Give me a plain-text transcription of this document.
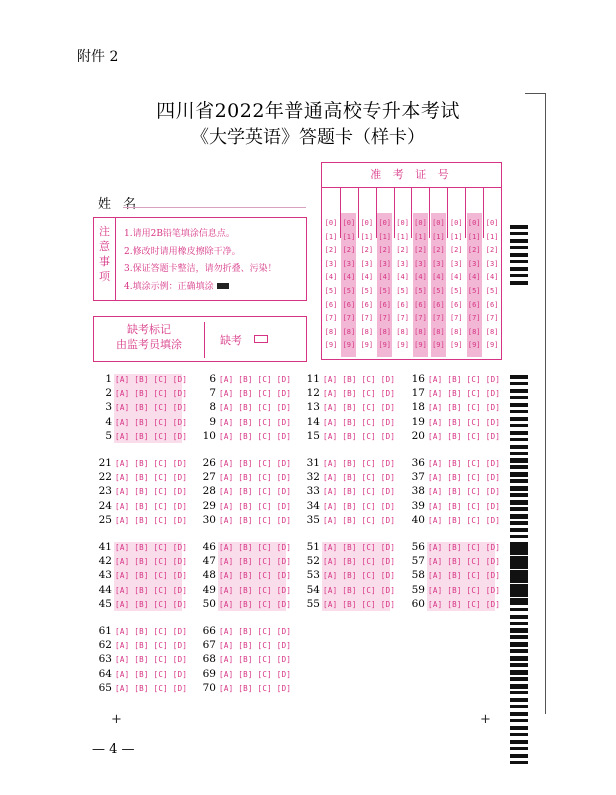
附件 2
四川省2022年普通高校专升本考试
《大学英语》答题卡（样卡）
姓 名
注意事项
1.请用2B铅笔填涂信息点。
2.修改时请用橡皮擦除干净。
3.保证答题卡整洁，请勿折叠、污染！
4.填涂示例：正确填涂
缺考标记
由监考员填涂	缺考
准 考 证 号
[0]
[1]
[2]
[3]
[4]
[5]
[6]
[7]
[8]
[9]
[0]
[1]
[2]
[3]
[4]
[5]
[6]
[7]
[8]
[9]
[0]
[1]
[2]
[3]
[4]
[5]
[6]
[7]
[8]
[9]
[0]
[1]
[2]
[3]
[4]
[5]
[6]
[7]
[8]
[9]
[0]
[1]
[2]
[3]
[4]
[5]
[6]
[7]
[8]
[9]
[0]
[1]
[2]
[3]
[4]
[5]
[6]
[7]
[8]
[9]
[0]
[1]
[2]
[3]
[4]
[5]
[6]
[7]
[8]
[9]
[0]
[1]
[2]
[3]
[4]
[5]
[6]
[7]
[8]
[9]
[0]
[1]
[2]
[3]
[4]
[5]
[6]
[7]
[8]
[9]
[0]
[1]
[2]
[3]
[4]
[5]
[6]
[7]
[8]
[9]
1 [A] [B] [C] [D]
2 [A] [B] [C] [D]
3 [A] [B] [C] [D]
4 [A] [B] [C] [D]
5 [A] [B] [C] [D]
6 [A] [B] [C] [D]
7 [A] [B] [C] [D]
8 [A] [B] [C] [D]
9 [A] [B] [C] [D]
10 [A] [B] [C] [D]
11 [A] [B] [C] [D]
12 [A] [B] [C] [D]
13 [A] [B] [C] [D]
14 [A] [B] [C] [D]
15 [A] [B] [C] [D]
16 [A] [B] [C] [D]
17 [A] [B] [C] [D]
18 [A] [B] [C] [D]
19 [A] [B] [C] [D]
20 [A] [B] [C] [D]
21 [A] [B] [C] [D]
22 [A] [B] [C] [D]
23 [A] [B] [C] [D]
24 [A] [B] [C] [D]
25 [A] [B] [C] [D]
26 [A] [B] [C] [D]
27 [A] [B] [C] [D]
28 [A] [B] [C] [D]
29 [A] [B] [C] [D]
30 [A] [B] [C] [D]
31 [A] [B] [C] [D]
32 [A] [B] [C] [D]
33 [A] [B] [C] [D]
34 [A] [B] [C] [D]
35 [A] [B] [C] [D]
36 [A] [B] [C] [D]
37 [A] [B] [C] [D]
38 [A] [B] [C] [D]
39 [A] [B] [C] [D]
40 [A] [B] [C] [D]
41 [A] [B] [C] [D]
42 [A] [B] [C] [D]
43 [A] [B] [C] [D]
44 [A] [B] [C] [D]
45 [A] [B] [C] [D]
46 [A] [B] [C] [D]
47 [A] [B] [C] [D]
48 [A] [B] [C] [D]
49 [A] [B] [C] [D]
50 [A] [B] [C] [D]
51 [A] [B] [C] [D]
52 [A] [B] [C] [D]
53 [A] [B] [C] [D]
54 [A] [B] [C] [D]
55 [A] [B] [C] [D]
56 [A] [B] [C] [D]
57 [A] [B] [C] [D]
58 [A] [B] [C] [D]
59 [A] [B] [C] [D]
60 [A] [B] [C] [D]
61 [A] [B] [C] [D]
62 [A] [B] [C] [D]
63 [A] [B] [C] [D]
64 [A] [B] [C] [D]
65 [A] [B] [C] [D]
66 [A] [B] [C] [D]
67 [A] [B] [C] [D]
68 [A] [B] [C] [D]
69 [A] [B] [C] [D]
70 [A] [B] [C] [D]
+	+
— 4 —
